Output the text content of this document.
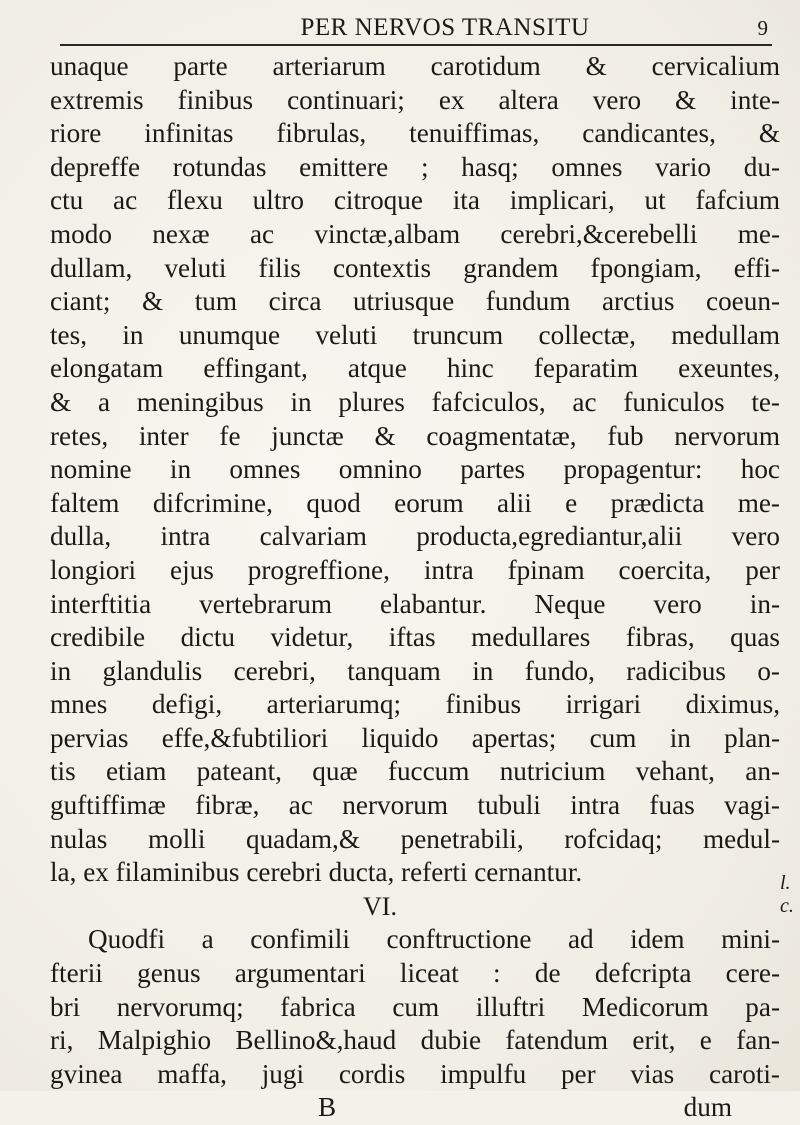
PER NERVOS TRANSITU	9
unaque parte arteriarum carotidum & cervicalium
extremis finibus continuari; ex altera vero & inte-
riore infinitas fibrulas, tenuiffimas, candicantes, &
depreffe rotundas emittere ; hasq; omnes vario du-
ctu ac flexu ultro citroque ita implicari, ut fafcium
modo nexæ ac vinctæ,albam cerebri,&cerebelli me-
dullam, veluti filis contextis grandem fpongiam, effi-
ciant; & tum circa utriusque fundum arctius coeun-
tes, in unumque veluti truncum collectæ, medullam
elongatam effingant, atque hinc feparatim exeuntes,
& a meningibus in plures fafciculos, ac funiculos te-
retes, inter fe junctæ & coagmentatæ, fub nervorum
nomine in omnes omnino partes propagentur: hoc
faltem difcrimine, quod eorum alii e prædicta me-
dulla, intra calvariam producta,egrediantur,alii vero
longiori ejus progreffione, intra fpinam coercita, per
interftitia vertebrarum elabantur. Neque vero in-
credibile dictu videtur, iftas medullares fibras, quas
in glandulis cerebri, tanquam in fundo, radicibus o-
mnes defigi, arteriarumq; finibus irrigari diximus,
pervias effe,&fubtiliori liquido apertas; cum in plan-
tis etiam pateant, quæ fuccum nutricium vehant, an-
guftiffimæ fibræ, ac nervorum tubuli intra fuas vagi-
nulas molli quadam,& penetrabili, rofcidaq; medul-
la, ex filaminibus cerebri ducta, referti cernantur.
VI.
Quodfi a confimili conftructione ad idem mini-
fterii genus argumentari liceat : de defcripta cere-
bri nervorumq; fabrica cum illuftri Medicorum pa-
ri, Malpighio Bellino&,haud dubie fatendum erit, e fan-
gvinea maffa, jugi cordis impulfu per vias caroti-
B	dum
l. c.
